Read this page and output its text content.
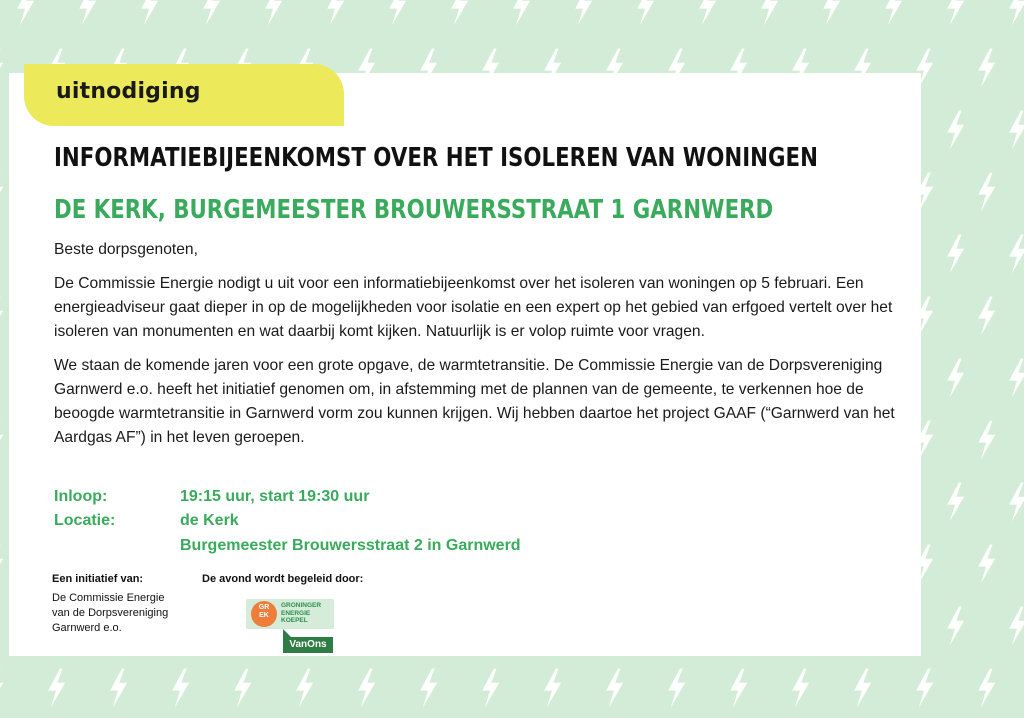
uitnodiging
INFORMATIEBIJEENKOMST OVER HET ISOLEREN VAN WONINGEN
DE KERK, BURGEMEESTER BROUWERSSTRAAT 1 GARNWERD
Beste dorpsgenoten,
De Commissie Energie nodigt u uit voor een informatiebijeenkomst over het isoleren van woningen op 5 februari. Een energieadviseur gaat dieper in op de mogelijkheden voor isolatie en een expert op het gebied van erfgoed vertelt over het isoleren van monumenten en wat daarbij komt kijken. Natuurlijk is er volop ruimte voor vragen.
We staan de komende jaren voor een grote opgave, de warmtetransitie. De Commissie Energie van de Dorpsvereniging Garnwerd e.o. heeft het initiatief genomen om, in afstemming met de plannen van de gemeente, te verkennen hoe de beoogde warmtetransitie in Garnwerd vorm zou kunnen krijgen. Wij hebben daartoe het project GAAF (“Garnwerd van het Aardgas AF”) in het leven geroepen.
Inloop:	19:15 uur, start 19:30 uur
Locatie:	de Kerk
Burgemeester Brouwersstraat 2 in Garnwerd
Een initiatief van:
De Commissie Energie
van de Dorpsvereniging
Garnwerd e.o.
De avond wordt begeleid door:
GR
EK
GRONINGER
ENERGIE
KOEPEL
VanOns
